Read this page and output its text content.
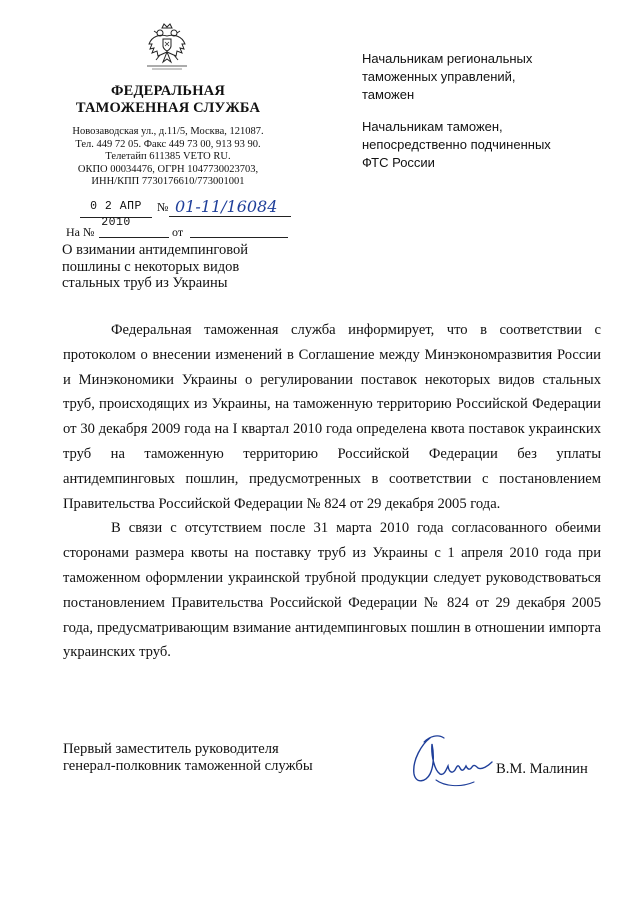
ФЕДЕРАЛЬНАЯ
ТАМОЖЕННАЯ СЛУЖБА
Новозаводская ул., д.11/5, Москва, 121087.
Тел. 449 72 05. Факс 449 73 00, 913 93 90.
Телетайп 611385 VETO RU.
ОКПО 00034476, ОГРН 1047730023703,
ИНН/КПП 7730176610/773001001
0 2 АПР 2010
№ 01-11/16084
На №	от
О взимании антидемпинговой
пошлины с некоторых видов
стальных труб из Украины
Начальникам региональных
таможенных управлений,
таможен
Начальникам таможен,
непосредственно подчиненных
ФТС России

Федеральная таможенная служба информирует, что в соответствии с протоколом о внесении изменений в Соглашение между Минэкономразвития России и Минэкономики Украины о регулировании поставок некоторых видов стальных труб, происходящих из Украины, на таможенную территорию Российской Федерации от 30 декабря 2009 года на I квартал 2010 года определена квота поставок украинских труб на таможенную территорию Российской Федерации без уплаты антидемпинговых пошлин, предусмотренных в соответствии с постановлением Правительства Российской Федерации № 824 от 29 декабря 2005 года.

В связи с отсутствием после 31 марта 2010 года согласованного обеими сторонами размера квоты на поставку труб из Украины с 1 апреля 2010 года при таможенном оформлении украинской трубной продукции следует руководствоваться постановлением Правительства Российской Федерации № 824 от 29 декабря 2005 года, предусматривающим взимание антидемпинговых пошлин в отношении импорта украинских труб.

Первый заместитель руководителя
генерал-полковник таможенной службы	В.М. Малинин
